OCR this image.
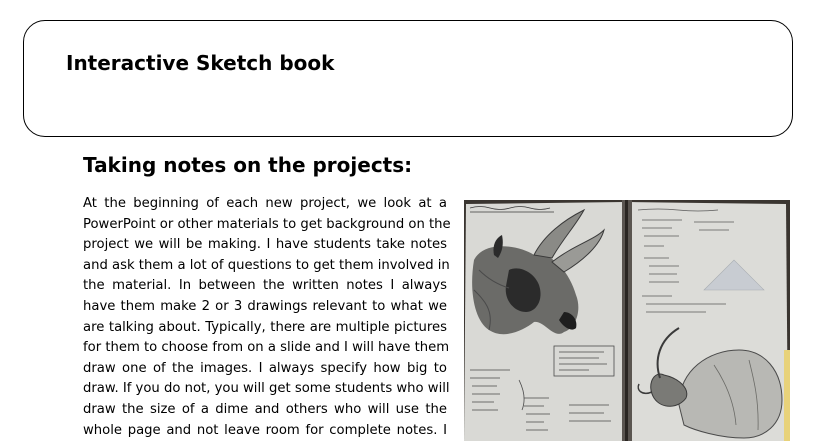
Interactive Sketch book
Taking notes on the projects:

At the beginning of each new project, we look at a
PowerPoint or other materials to get background on the
project we will be making. I have students take notes
and ask them a lot of questions to get them involved in
the material. In between the written notes I always
have them make 2 or 3 drawings relevant to what we
are talking about. Typically, there are multiple pictures
for them to choose from on a slide and I will have them
draw one of the images. I always specify how big to
draw. If you do not, you will get some students who will
draw the size of a dime and others who will use the
whole page and not leave room for complete notes. I
